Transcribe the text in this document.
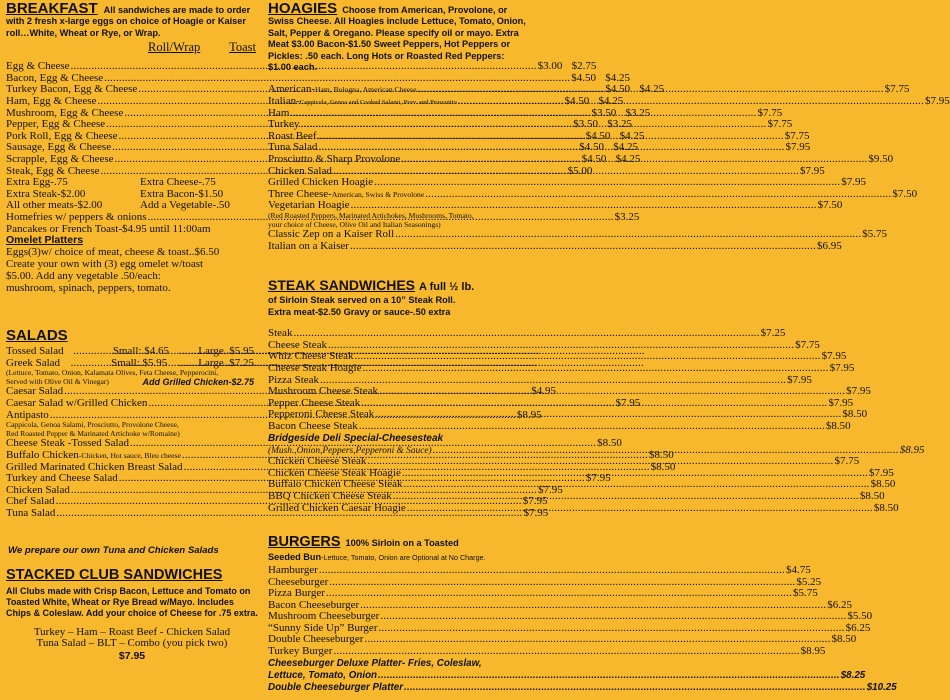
BREAKFAST All sandwiches are made to order with 2 fresh x-large eggs on choice of Hoagie or Kaiser roll…White, Wheat or Rye, or Wrap.
Roll/Wrap Toast
Egg & Cheese .....	$3.00 $2.75
Bacon, Egg & Cheese .....	$4.50 $4.25
Turkey Bacon, Egg & Cheese .....	$4.50 $4.25
Ham, Egg & Cheese .....	$4.50 $4.25
Mushroom, Egg & Cheese .....	$3.50 $3.25
Pepper, Egg & Cheese .....	$3.50 $3.25
Pork Roll, Egg & Cheese .....	$4.50 $4.25
Sausage, Egg & Cheese .....	$4.50 $4.25
Scrapple, Egg & Cheese .....	$4.50 $4.25
Steak, Egg & Cheese .....	$5.00
Extra Egg-.75	Extra Cheese-.75
Extra Steak-$2.00	Extra Bacon-$1.50
All other meats-$2.00	Add a Vegetable-.50
Homefries w/ peppers & onions .....	$3.25
Pancakes or French Toast-$4.95 until 11:00am
Omelet Platters
Eggs(3)w/ choice of meat, cheese & toast..$6.50
Create your own with (3) egg omelet w/toast
$5.00. Add any vegetable .50/each:
mushroom, spinach, peppers, tomato.
SALADS
Tossed Salad .....	Small:.$4.65 .....	Large..$5.95
Greek Salad .....	Small:.$5.95 .....	Large..$7.25
(Lettuce, Tomato, Onion, Kalamata Olives, Feta Cheese, Pepperocini,
Served with Olive Oil & Vinegar)	Add Grilled Chicken-$2.75
Caesar Salad .....	$4.95
Caesar Salad w/Grilled Chicken .....	$7.95
Antipasto .....	$8.95
Cappicola, Genoa Salami, Prosciutto, Provolone Cheese,
Red Roasted Pepper & Marinated Artichoke w/Romaine)
Cheese Steak -Tossed Salad .....	$8.50
Buffalo Chicken -Chicken, Hot sauce, Bleu cheese .....	$8.50
Grilled Marinated Chicken Breast Salad .....	$8.50
Turkey and Cheese Salad .....	$7.95
Chicken Salad .....	$7.95
Chef Salad .....	$7.95
Tuna Salad .....	$7.95
We prepare our own Tuna and Chicken Salads
STACKED CLUB SANDWICHES
All Clubs made with Crisp Bacon, Lettuce and Tomato on Toasted White, Wheat or Rye Bread w/Mayo. Includes Chips & Coleslaw. Add your choice of Cheese for .75 extra.
Turkey – Ham – Roast Beef - Chicken Salad
Tuna Salad – BLT – Combo (you pick two)
$7.95
HOAGIES Choose from American, Provolone, or Swiss Cheese. All Hoagies include Lettuce, Tomato, Onion, Salt, Pepper & Oregano. Please specify oil or mayo. Extra Meat $3.00 Bacon-$1.50 Sweet Peppers, Hot Peppers or Pickles: .50 each. Long Hots or Roasted Red Peppers: $1.00 each.
American- Ham, Bologna, American Cheese .....	$7.75
Italian- Cappicola, Genoa and Cooked Salami, Prov. and Proscuitto .....	$7.95
Ham .....	$7.75
Turkey .....	$7.75
Roast Beef .....	$7.75
Tuna Salad .....	$7.95
Prosciutto & Sharp Provolone .....	$9.50
Chicken Salad .....	$7.95
Grilled Chicken Hoagie .....	$7.95
Three Cheese- American, Swiss & Provolone .....	$7.50
Vegetarian Hoagie .....	$7.50
(Red Roasted Peppers, Marinated Artichokes, Mushrooms, Tomato,
your choice of Cheese, Olive Oil and Italian Seasonings)
Classic Zep on a Kaiser Roll .....	$5.75
Italian on a Kaiser .....	$6.95
STEAK SANDWICHES A full ½ lb.
of Sirloin Steak served on a 10” Steak Roll.
Extra meat-$2.50 Gravy or sauce-.50 extra
Steak .....	$7.25
Cheese Steak .....	$7.75
Whiz Cheese Steak .....	$7.95
Cheese Steak Hoagie .....	$7.95
Pizza Steak .....	$7.95
Mushroom Cheese Steak .....	$7.95
Pepper Cheese Steak .....	$7.95
Pepperoni Cheese Steak .....	$8.50
Bacon Cheese Steak .....	$8.50
Bridgeside Deli Special-Cheesesteak
(Mush.,Onion,Peppers,Pepperoni & Sauce) .....	$8.95
Chicken Cheese Steak .....	$7.75
Chicken Cheese Steak Hoagie .....	$7.95
Buffalo Chicken Cheese Steak .....	$8.50
BBQ Chicken Cheese Steak .....	$8.50
Grilled Chicken Caesar Hoagie .....	$8.50
BURGERS 100% Sirloin on a Toasted
Seeded Bun-Lettuce, Tomato, Onion are Optional at No Charge.
Hamburger .....	$4.75
Cheeseburger .....	$5.25
Pizza Burger .....	$5.75
Bacon Cheeseburger .....	$6.25
Mushroom Cheeseburger .....	$5.50
“Sunny Side Up” Burger .....	$6.25
Double Cheeseburger .....	$8.50
Turkey Burger .....	$8.95
Cheeseburger Deluxe Platter- Fries, Coleslaw,
Lettuce, Tomato, Onion .....	$8.25
Double Cheeseburger Platter .....	$10.25
